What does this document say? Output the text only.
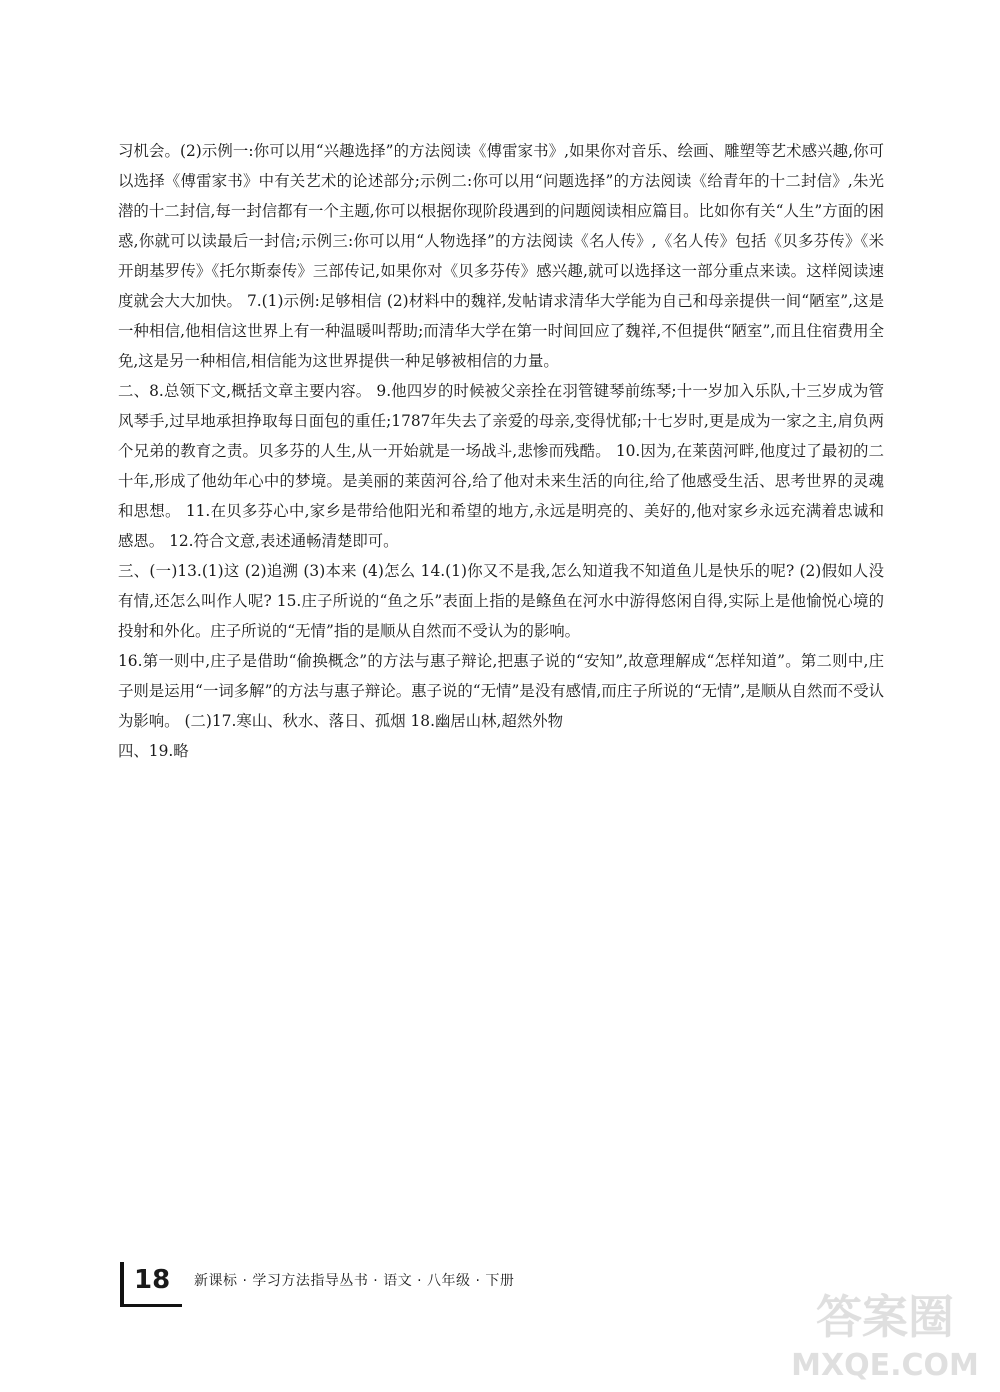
习机会。(2)示例一:你可以用“兴趣选择”的方法阅读《傅雷家书》,如果你对音乐、绘画、雕塑等艺术感兴趣,你可以选择《傅雷家书》中有关艺术的论述部分;示例二:你可以用“问题选择”的方法阅读《给青年的十二封信》,朱光潜的十二封信,每一封信都有一个主题,你可以根据你现阶段遇到的问题阅读相应篇目。比如你有关“人生”方面的困惑,你就可以读最后一封信;示例三:你可以用“人物选择”的方法阅读《名人传》,《名人传》包括《贝多芬传》《米开朗基罗传》《托尔斯泰传》三部传记,如果你对《贝多芬传》感兴趣,就可以选择这一部分重点来读。这样阅读速度就会大大加快。 7.(1)示例:足够相信 (2)材料中的魏祥,发帖请求清华大学能为自己和母亲提供一间“陋室”,这是一种相信,他相信这世界上有一种温暖叫帮助;而清华大学在第一时间回应了魏祥,不但提供“陋室”,而且住宿费用全免,这是另一种相信,相信能为这世界提供一种足够被相信的力量。

二、8.总领下文,概括文章主要内容。 9.他四岁的时候被父亲拴在羽管键琴前练琴;十一岁加入乐队,十三岁成为管风琴手,过早地承担挣取每日面包的重任;1787年失去了亲爱的母亲,变得忧郁;十七岁时,更是成为一家之主,肩负两个兄弟的教育之责。贝多芬的人生,从一开始就是一场战斗,悲惨而残酷。 10.因为,在莱茵河畔,他度过了最初的二十年,形成了他幼年心中的梦境。是美丽的莱茵河谷,给了他对未来生活的向往,给了他感受生活、思考世界的灵魂和思想。 11.在贝多芬心中,家乡是带给他阳光和希望的地方,永远是明亮的、美好的,他对家乡永远充满着忠诚和感恩。 12.符合文意,表述通畅清楚即可。

三、(一)13.(1)这 (2)追溯 (3)本来 (4)怎么 14.(1)你又不是我,怎么知道我不知道鱼儿是快乐的呢? (2)假如人没有情,还怎么叫作人呢? 15.庄子所说的“鱼之乐”表面上指的是鲦鱼在河水中游得悠闲自得,实际上是他愉悦心境的投射和外化。庄子所说的“无情”指的是顺从自然而不受认为的影响。

16.第一则中,庄子是借助“偷换概念”的方法与惠子辩论,把惠子说的“安知”,故意理解成“怎样知道”。第二则中,庄子则是运用“一词多解”的方法与惠子辩论。惠子说的“无情”是没有感情,而庄子所说的“无情”,是顺从自然而不受认为影响。 (二)17.寒山、秋水、落日、孤烟 18.幽居山林,超然外物

四、19.略

18 新课标 · 学习方法指导丛书 · 语文 · 八年级 · 下册
答案圈
MXQE.COM
